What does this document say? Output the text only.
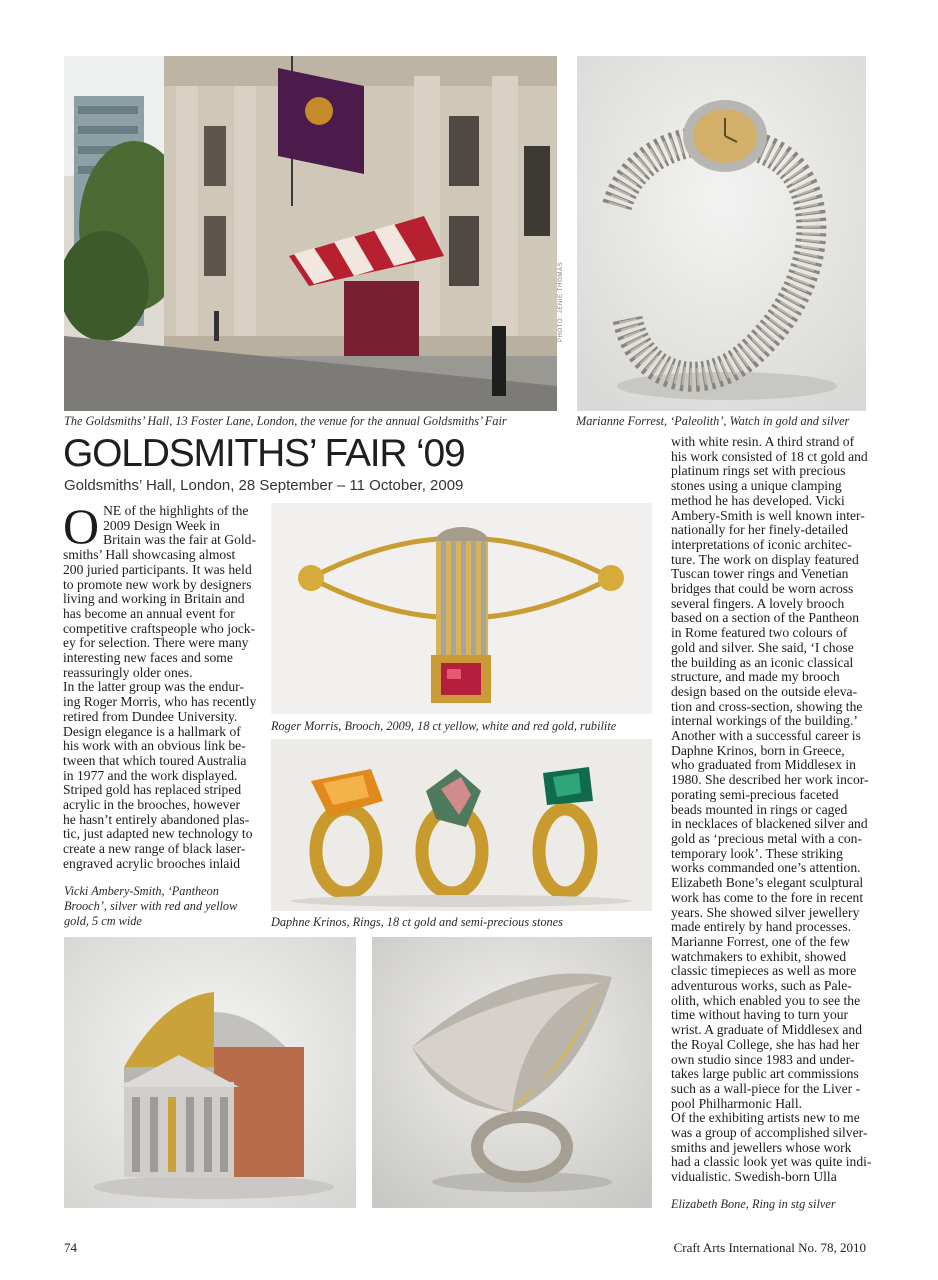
PHOTO: JENIE THOMAS
The Goldsmiths’ Hall, 13 Foster Lane, London, the venue for the annual Goldsmiths’ Fair	Marianne Forrest, ‘Paleolith’, Watch in gold and silver
GOLDSMITHS’ FAIR ‘09
Goldsmiths’ Hall, London, 28 September – 11 October, 2009
O NE of the highlights of the

2009 Design Week in

Britain was the fair at Gold-

smiths’ Hall showcasing almost

200 juried participants. It was held

to promote new work by designers

living and working in Britain and

has become an annual event for

competitive craftspeople who jock-

ey for selection. There were many

interesting new faces and some

reassuringly older ones.

In the latter group was the endur-

ing Roger Morris, who has recently

retired from Dundee University.

Design elegance is a hallmark of

his work with an obvious link be-

tween that which toured Australia

in 1977 and the work displayed.

Striped gold has replaced striped

acrylic in the brooches, however

he hasn’t entirely abandoned plas-

tic, just adapted new technology to

create a new range of black laser-

engraved acrylic brooches inlaid

Vicki Ambery-Smith, ‘Pantheon
Brooch’, silver with red and yellow
gold, 5 cm wide
Roger Morris, Brooch, 2009, 18 ct yellow, white and red gold, rubilite
Daphne Krinos, Rings, 18 ct gold and semi-precious stones

with white resin. A third strand of

his work consisted of 18 ct gold and

platinum rings set with precious

stones using a unique clamping

method he has developed. Vicki

Ambery-Smith is well known inter-

nationally for her finely-detailed

interpretations of iconic architec-

ture. The work on display featured

Tuscan tower rings and Venetian

bridges that could be worn across

several fingers. A lovely brooch

based on a section of the Pantheon

in Rome featured two colours of

gold and silver. She said, ‘I chose

the building as an iconic classical

structure, and made my brooch

design based on the outside eleva-

tion and cross-section, showing the

internal workings of the building.’

Another with a successful career is

Daphne Krinos, born in Greece,

who graduated from Middlesex in

1980. She described her work incor-

porating semi-precious faceted

beads mounted in rings or caged

in necklaces of blackened silver and

gold as ‘precious metal with a con-

temporary look’. These striking

works commanded one’s attention.

Elizabeth Bone’s elegant sculptural

work has come to the fore in recent

years. She showed silver jewellery

made entirely by hand processes.

Marianne Forrest, one of the few

watchmakers to exhibit, showed

classic timepieces as well as more

adventurous works, such as Pale-

olith, which enabled you to see the

time without having to turn your

wrist. A graduate of Middlesex and

the Royal College, she has had her

own studio since 1983 and under-

takes large public art commissions

such as a wall-piece for the Liver -

pool Philharmonic Hall.

Of the exhibiting artists new to me

was a group of accomplished silver-

smiths and jewellers whose work

had a classic look yet was quite indi-

vidualistic. Swedish-born Ulla

Elizabeth Bone, Ring in stg silver
74	Craft Arts International No. 78, 2010
